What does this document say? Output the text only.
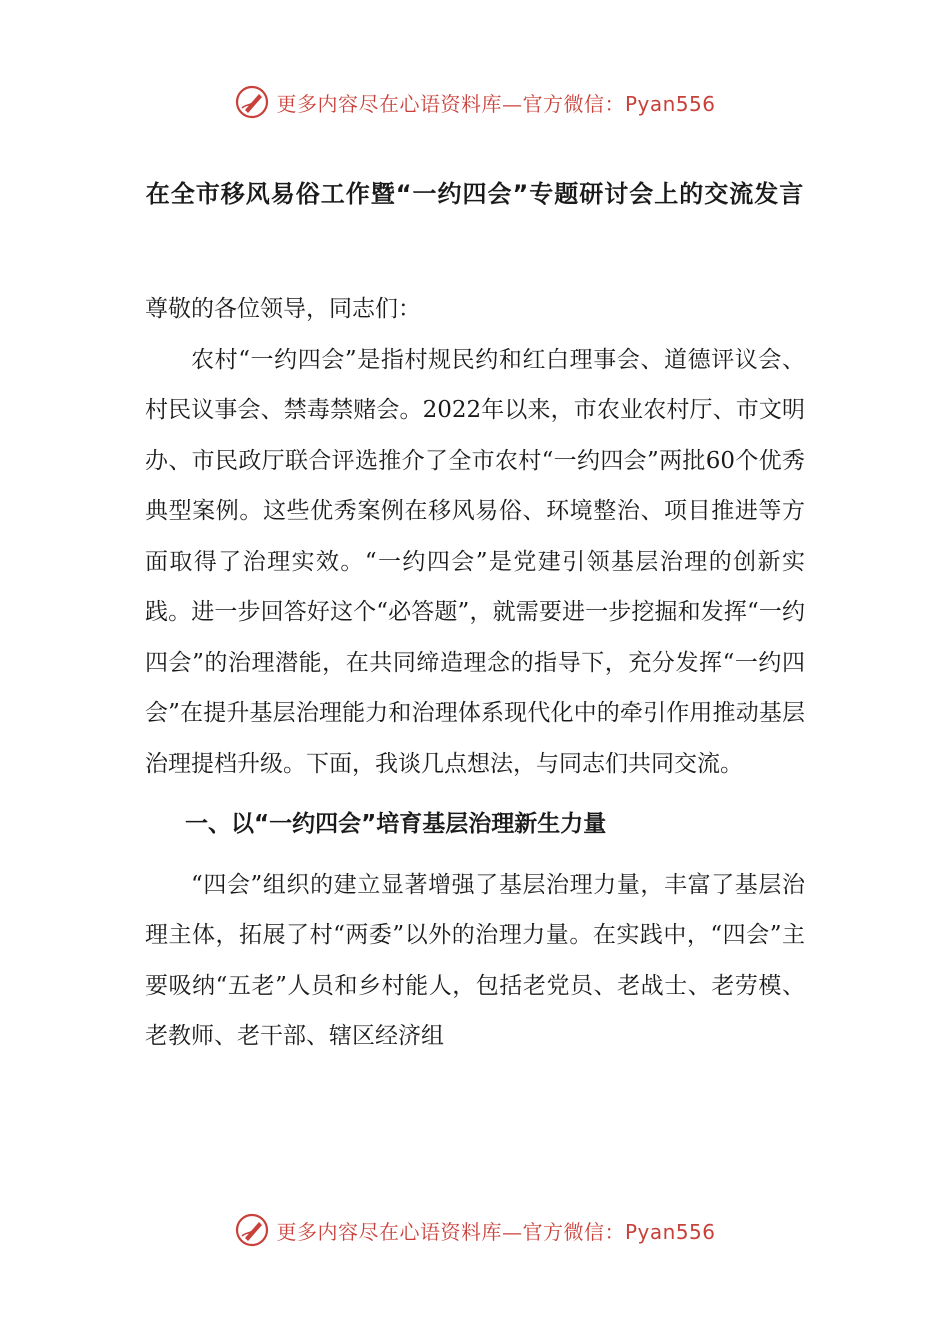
更多内容尽在心语资料库—官方微信：Pyan556
在全市移风易俗工作暨“一约四会”专题研讨会上的交流发言

尊敬的各位领导，同志们：

农村“一约四会”是指村规民约和红白理事会、道德评议会、村民议事会、禁毒禁赌会。2022年以来，市农业农村厅、市文明办、市民政厅联合评选推介了全市农村“一约四会”两批60个优秀典型案例。这些优秀案例在移风易俗、环境整治、项目推进等方面取得了治理实效。“一约四会”是党建引领基层治理的创新实践。进一步回答好这个“必答题”，就需要进一步挖掘和发挥“一约四会”的治理潜能，在共同缔造理念的指导下，充分发挥“一约四会”在提升基层治理能力和治理体系现代化中的牵引作用推动基层治理提档升级。下面，我谈几点想法，与同志们共同交流。

一、以“一约四会”培育基层治理新生力量

“四会”组织的建立显著增强了基层治理力量，丰富了基层治理主体，拓展了村“两委”以外的治理力量。在实践中，“四会”主要吸纳“五老”人员和乡村能人，包括老党员、老战士、老劳模、老教师、老干部、辖区经济组

更多内容尽在心语资料库—官方微信：Pyan556
